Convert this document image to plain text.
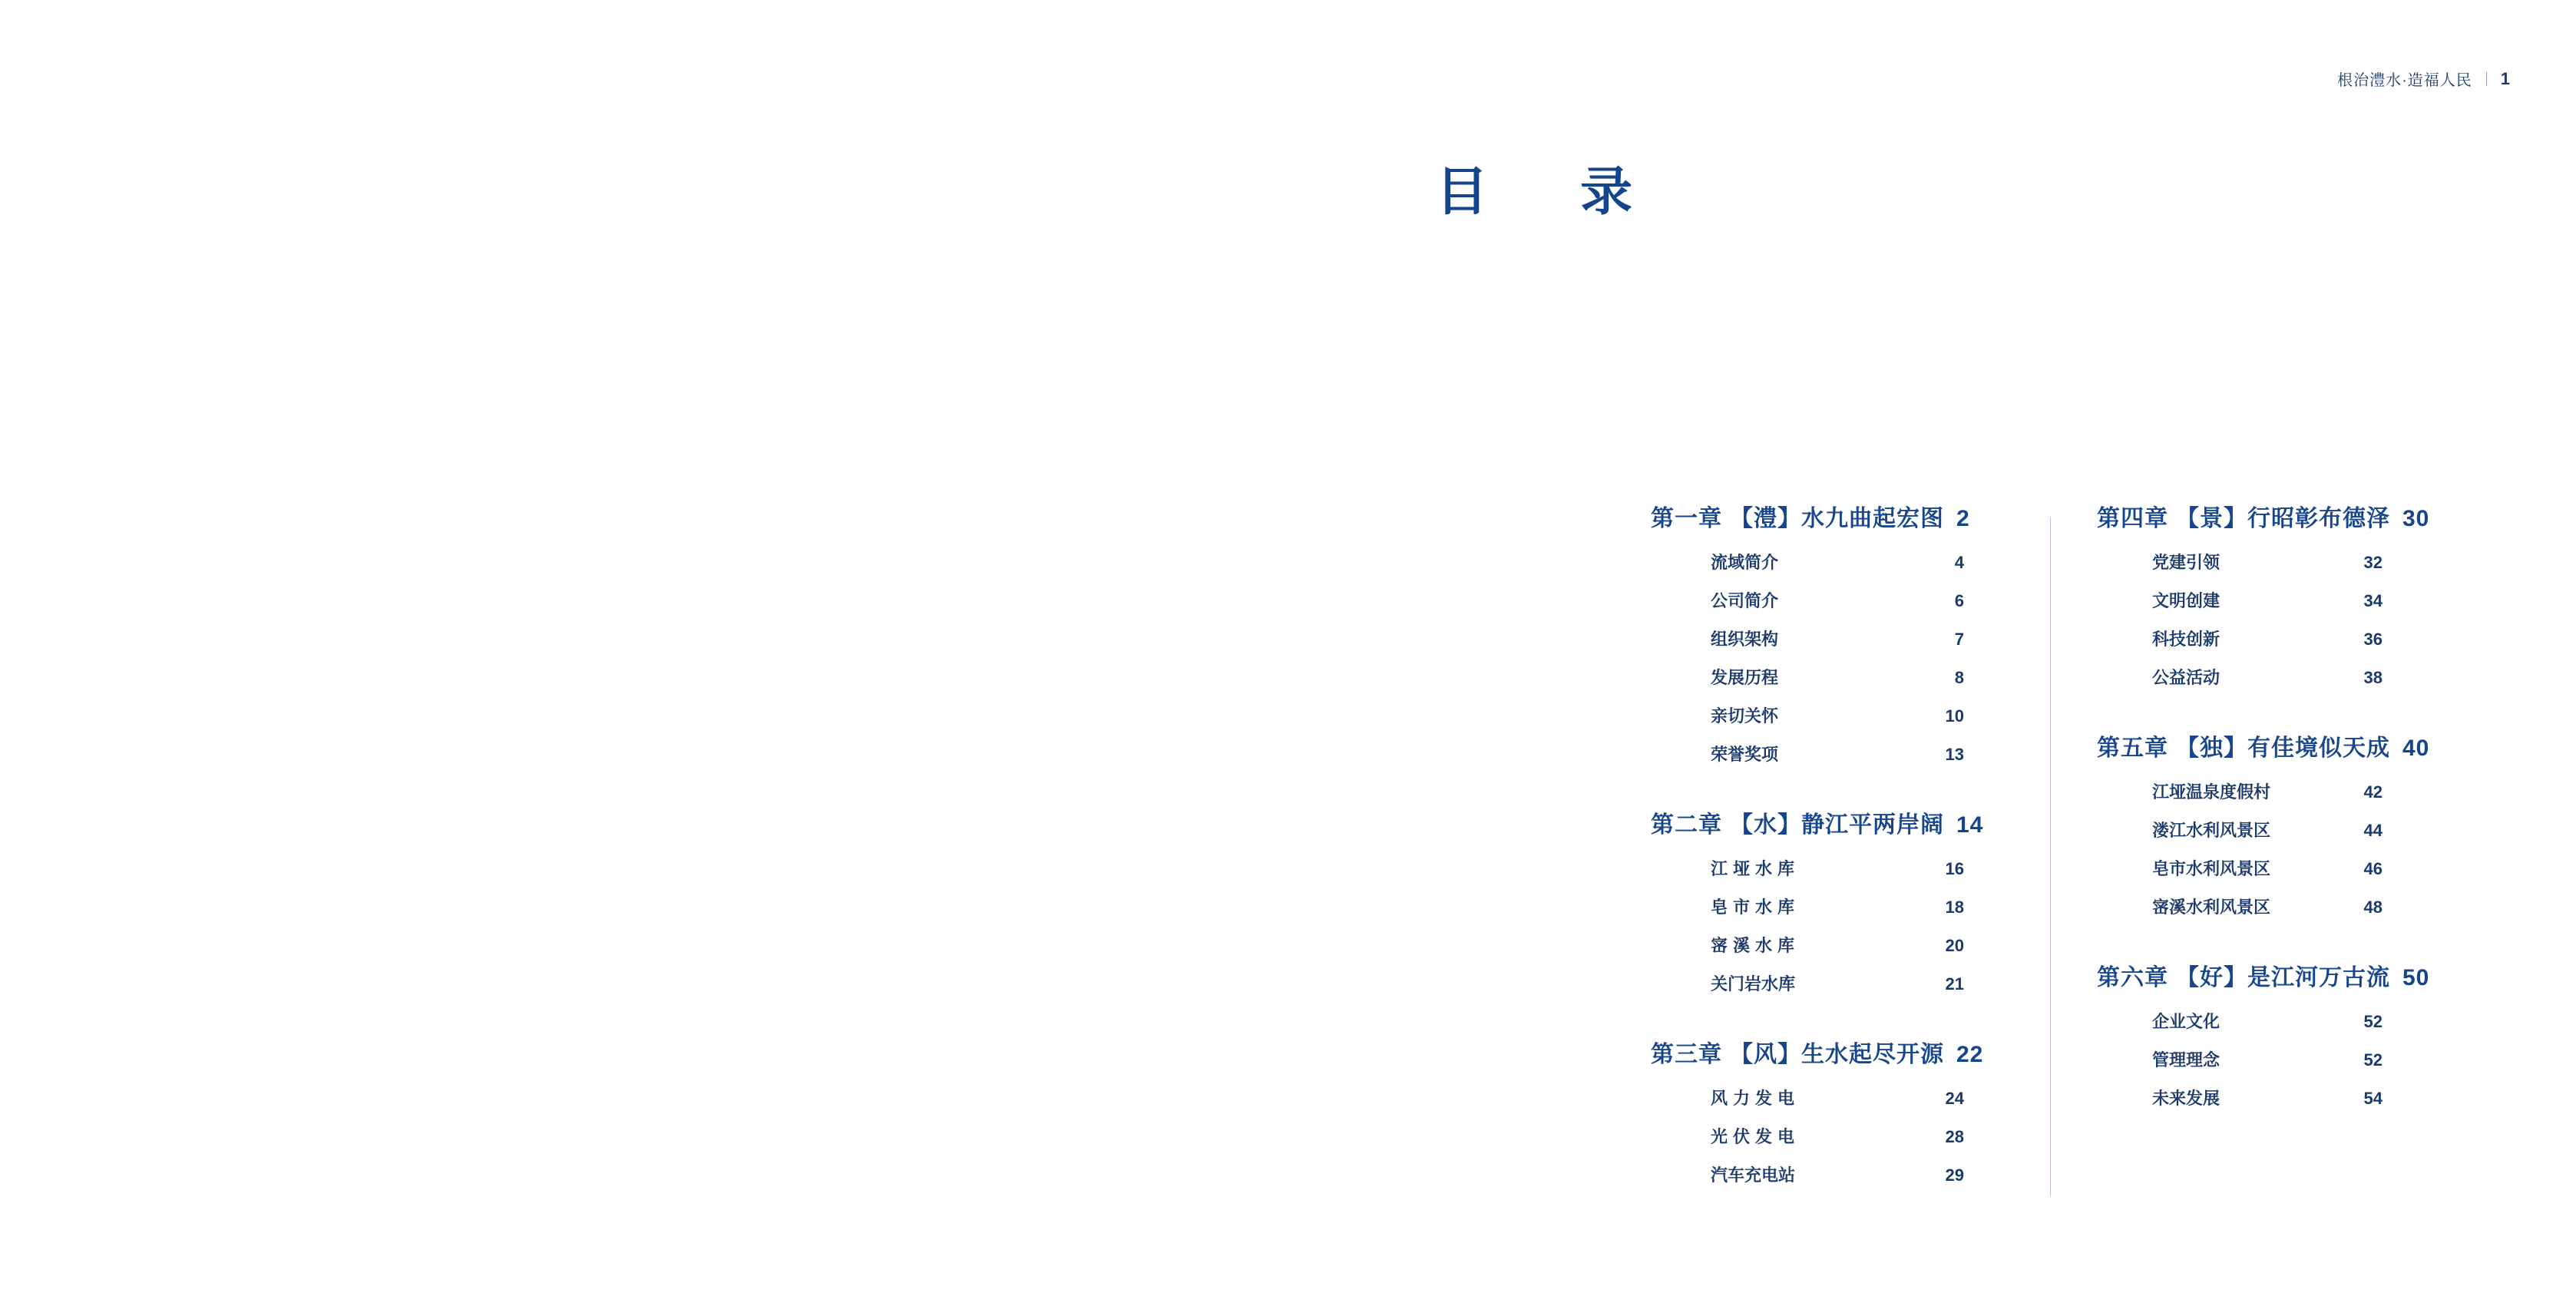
根治澧水·造福人民 1
目　录
第一章 【澧】水九曲起宏图 2
流域简介	4
公司简介	6
组织架构	7
发展历程	8
亲切关怀	10
荣誉奖项	13
第二章 【水】静江平两岸阔 14
江垭水库	16
皂市水库	18
宻溪水库	20
关门岩水库	21
第三章 【风】生水起尽开源 22
风力发电	24
光伏发电	28
汽车充电站	29
第四章 【景】行昭彰布德泽 30
党建引领	32
文明创建	34
科技创新	36
公益活动	38
第五章 【独】有佳境似天成 40
江垭温泉度假村	42
溇江水利风景区	44
皂市水利风景区	46
宻溪水利风景区	48
第六章 【好】是江河万古流 50
企业文化	52
管理理念	52
未来发展	54
